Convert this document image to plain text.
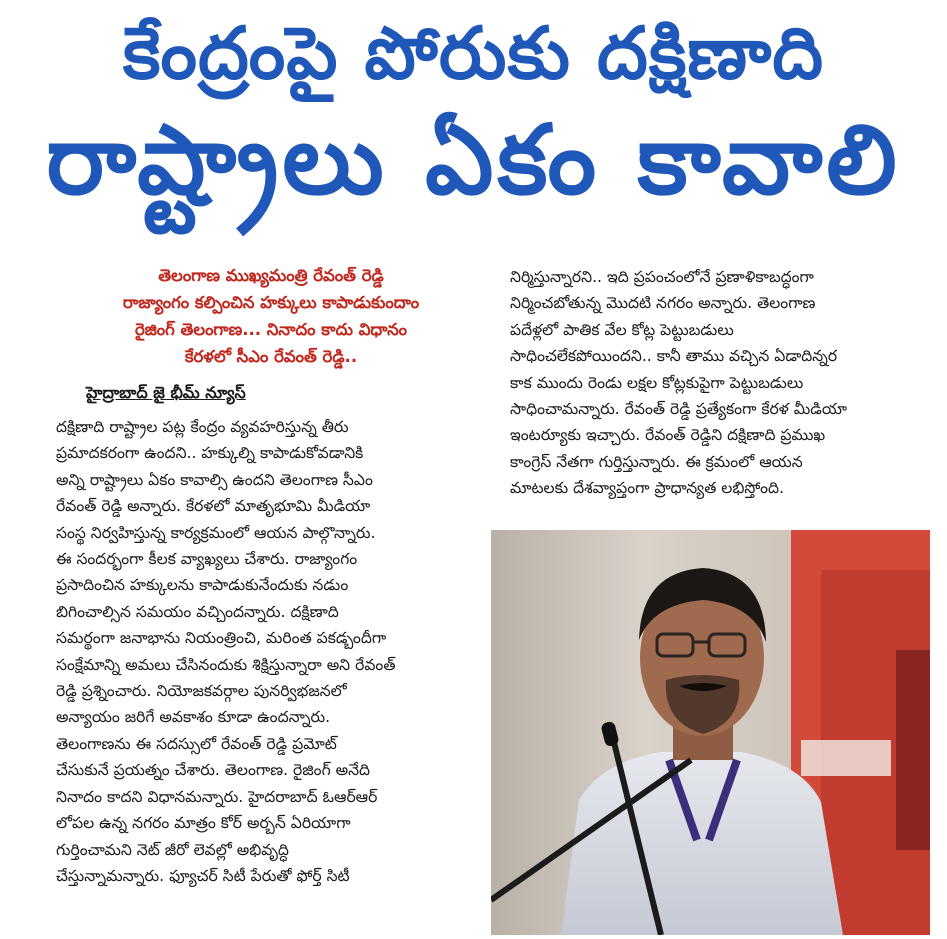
కేంద్రంపై పోరుకు దక్షిణాది
రాష్ట్రాలు ఏకం కావాలి
తెలంగాణ ముఖ్యమంత్రి రేవంత్ రెడ్డి
రాజ్యాంగం కల్పించిన హక్కులు కాపాడుకుందాం
రైజింగ్ తెలంగాణ... నినాదం కాదు విధానం
కేరళలో సీఎం రేవంత్ రెడ్డి..
హైద్రాబాద్ జై భీమ్ న్యూస్
దక్షిణాది రాష్ట్రాల పట్ల కేంద్రం వ్యవహరిస్తున్న తీరు
ప్రమాదకరంగా ఉందని.. హక్కుల్ని కాపాడుకోవడానికి
అన్ని రాష్ట్రాలు ఏకం కావాల్సి ఉందని తెలంగాణ సీఎం
రేవంత్ రెడ్డి అన్నారు. కేరళలో మాతృభూమి మీడియా
సంస్థ నిర్వహిస్తున్న కార్యక్రమంలో ఆయన పాల్గొన్నారు.
ఈ సందర్భంగా కీలక వ్యాఖ్యలు చేశారు. రాజ్యాంగం
ప్రసాదించిన హక్కులను కాపాడుకునేందుకు నడుం
బిగించాల్సిన సమయం వచ్చిందన్నారు. దక్షిణాది
సమర్థంగా జనాభాను నియంత్రించి, మరింత పకడ్బందీగా
సంక్షేమాన్ని అమలు చేసినందుకు శిక్షిస్తున్నారా అని రేవంత్
రెడ్డి ప్రశ్నించారు. నియోజకవర్గాల పునర్విభజనలో
అన్యాయం జరిగే అవకాశం కూడా ఉందన్నారు.
తెలంగాణను ఈ సదస్సులో రేవంత్ రెడ్డి ప్రమోట్
చేసుకునే ప్రయత్నం చేశారు. తెలంగాణ. రైజింగ్ అనేది
నినాదం కాదని విధానమన్నారు. హైదరాబాద్ ఓఆర్ఆర్
లోపల ఉన్న నగరం మాత్రం కోర్ అర్బన్ ఏరియాగా
గుర్తించామని నెట్ జీరో లెవల్లో అభివృద్ధి
చేస్తున్నామన్నారు. ఫ్యూచర్ సిటీ పేరుతో ఫోర్త్ సిటీ
నిర్మిస్తున్నారని.. ఇది ప్రపంచంలోనే ప్రణాళికాబద్ధంగా
నిర్మించబోతున్న మొదటి నగరం అన్నారు. తెలంగాణ
పదేళ్లలో పాతిక వేల కోట్ల పెట్టుబడులు
సాధించలేకపోయిందని.. కానీ తాము వచ్చిన ఏడాదిన్నర
కాక ముందు రెండు లక్షల కోట్లకుపైగా పెట్టుబడులు
సాధించామన్నారు. రేవంత్ రెడ్డి ప్రత్యేకంగా కేరళ మీడియా
ఇంటర్యూకు ఇచ్చారు. రేవంత్ రెడ్డిని దక్షిణాది ప్రముఖ
కాంగ్రెస్ నేతగా గుర్తిస్తున్నారు. ఈ క్రమంలో ఆయన
మాటలకు దేశవ్యాప్తంగా ప్రాధాన్యత లభిస్తోంది.
